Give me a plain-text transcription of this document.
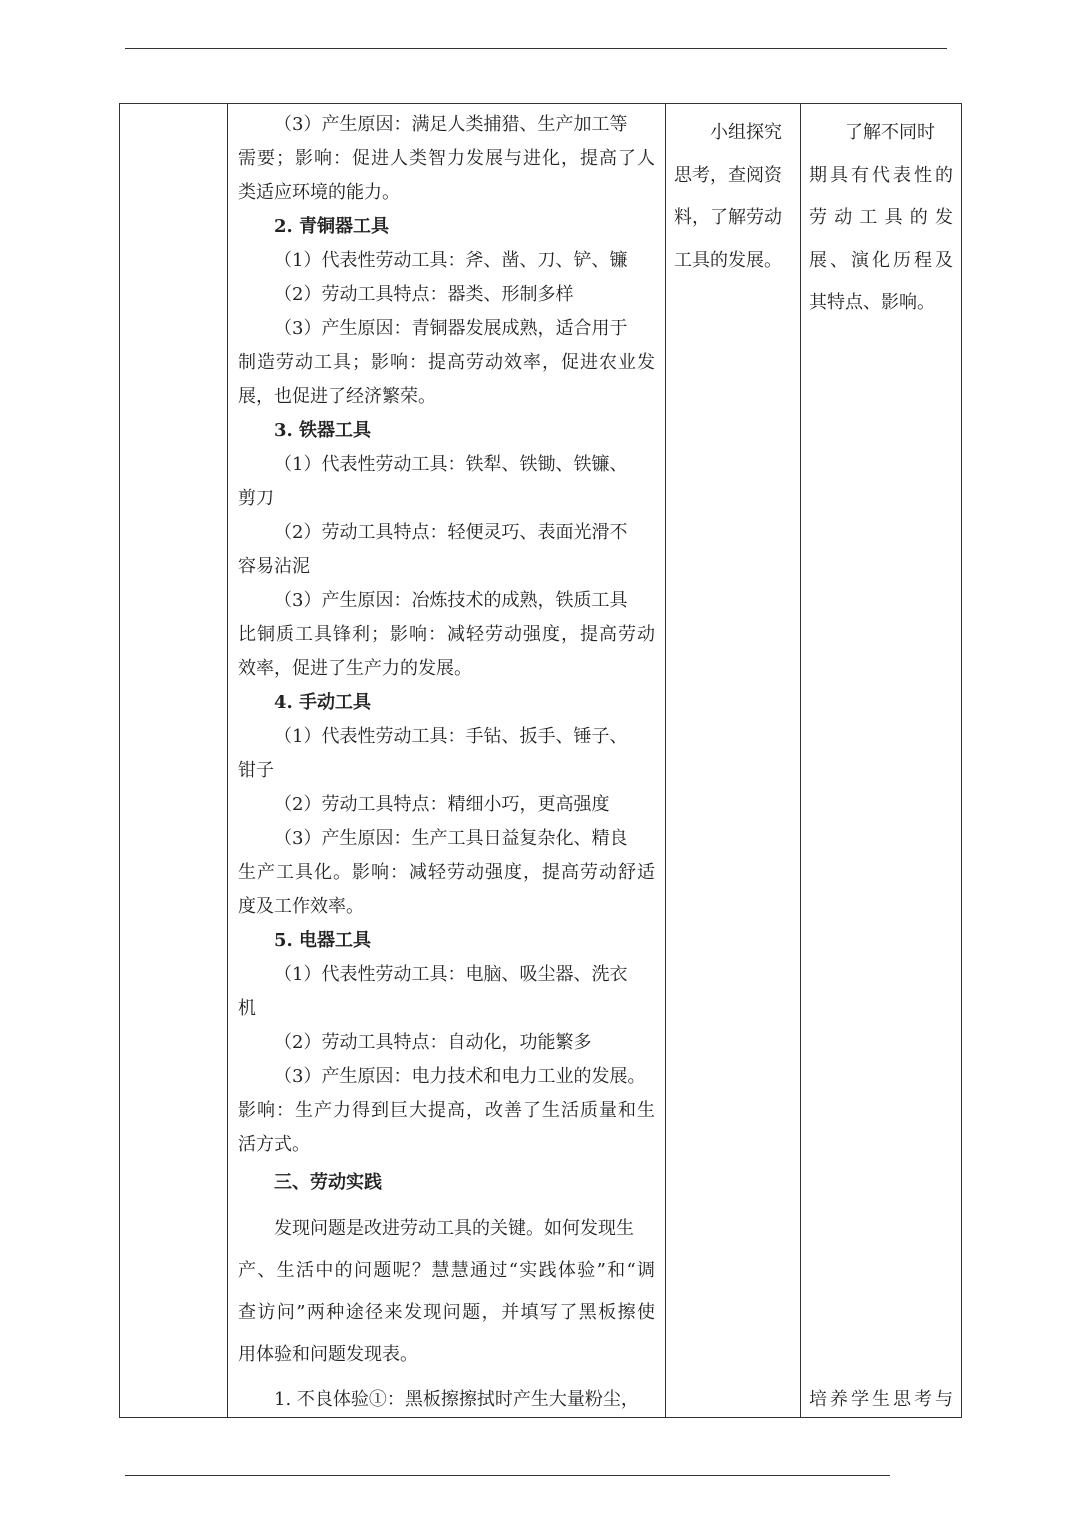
（3）产生原因：满足人类捕猎、生产加工等
需要；影响：促进人类智力发展与进化，提高了人
类适应环境的能力。
2. 青铜器工具
（1）代表性劳动工具：斧、凿、刀、铲、镰
（2）劳动工具特点：器类、形制多样
（3）产生原因：青铜器发展成熟，适合用于
制造劳动工具；影响：提高劳动效率，促进农业发
展，也促进了经济繁荣。
3. 铁器工具
（1）代表性劳动工具：铁犁、铁锄、铁镰、
剪刀
（2）劳动工具特点：轻便灵巧、表面光滑不
容易沾泥
（3）产生原因：冶炼技术的成熟，铁质工具
比铜质工具锋利；影响：减轻劳动强度，提高劳动
效率，促进了生产力的发展。
4. 手动工具
（1）代表性劳动工具：手钻、扳手、锤子、
钳子
（2）劳动工具特点：精细小巧，更高强度
（3）产生原因：生产工具日益复杂化、精良
生产工具化。影响：减轻劳动强度，提高劳动舒适
度及工作效率。
5. 电器工具
（1）代表性劳动工具：电脑、吸尘器、洗衣
机
（2）劳动工具特点：自动化，功能繁多
（3）产生原因：电力技术和电力工业的发展。
影响：生产力得到巨大提高，改善了生活质量和生
活方式。
三、劳动实践
发现问题是改进劳动工具的关键。如何发现生
产、生活中的问题呢？慧慧通过“实践体验”和“调
查访问”两种途径来发现问题，并填写了黑板擦使
用体验和问题发现表。
1. 不良体验①：黑板擦擦拭时产生大量粉尘，
小组探究
思考，查阅资
料，了解劳动
工具的发展。
了解不同时
期具有代表性的
劳动工具的发
展、演化历程及
其特点、影响。
培养学生思考与
